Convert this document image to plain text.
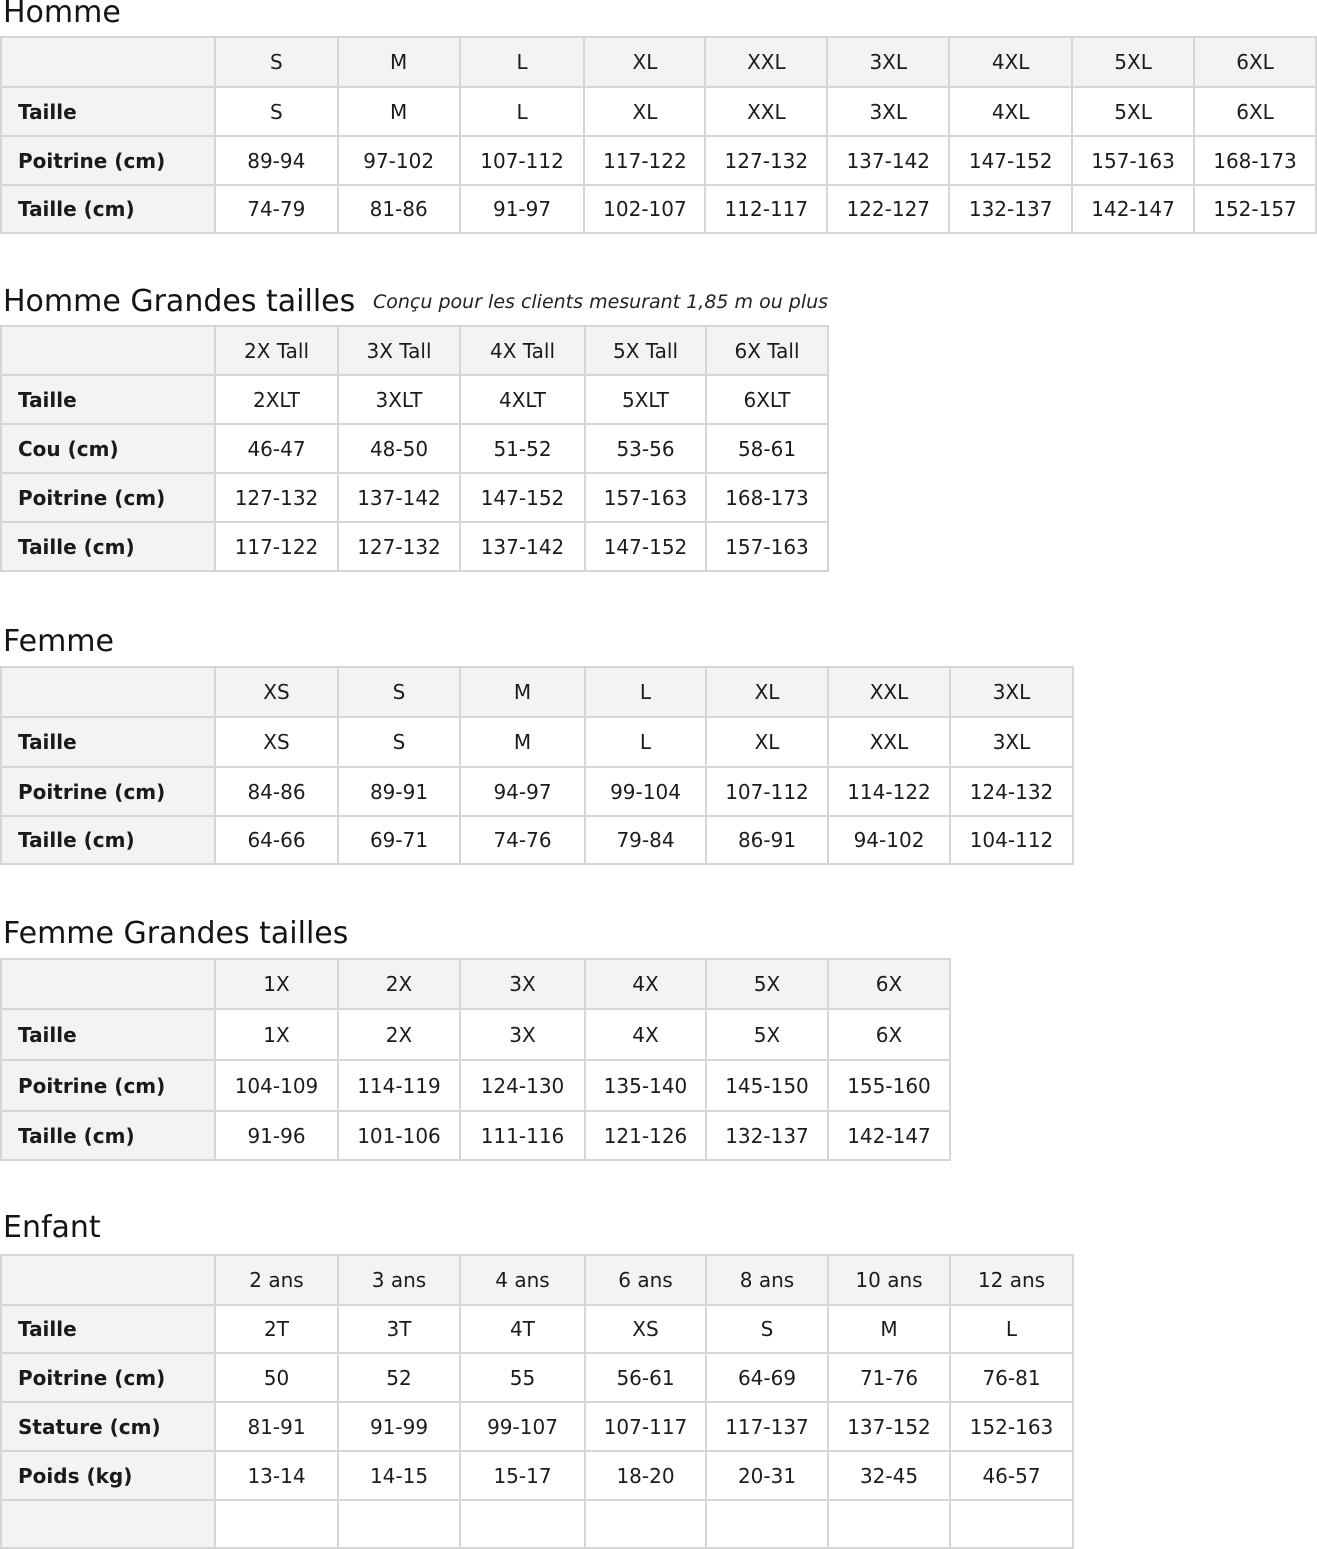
Homme
	S	M	L	XL	XXL	3XL	4XL	5XL	6XL
Taille	S	M	L	XL	XXL	3XL	4XL	5XL	6XL
Poitrine (cm)	89-94	97-102	107-112	117-122	127-132	137-142	147-152	157-163	168-173
Taille (cm)	74-79	81-86	91-97	102-107	112-117	122-127	132-137	142-147	152-157
Homme Grandes tailles Conçu pour les clients mesurant 1,85 m ou plus
	2X Tall	3X Tall	4X Tall	5X Tall	6X Tall
Taille	2XLT	3XLT	4XLT	5XLT	6XLT
Cou (cm)	46-47	48-50	51-52	53-56	58-61
Poitrine (cm)	127-132	137-142	147-152	157-163	168-173
Taille (cm)	117-122	127-132	137-142	147-152	157-163
Femme
	XS	S	M	L	XL	XXL	3XL
Taille	XS	S	M	L	XL	XXL	3XL
Poitrine (cm)	84-86	89-91	94-97	99-104	107-112	114-122	124-132
Taille (cm)	64-66	69-71	74-76	79-84	86-91	94-102	104-112
Femme Grandes tailles
	1X	2X	3X	4X	5X	6X
Taille	1X	2X	3X	4X	5X	6X
Poitrine (cm)	104-109	114-119	124-130	135-140	145-150	155-160
Taille (cm)	91-96	101-106	111-116	121-126	132-137	142-147
Enfant
	2 ans	3 ans	4 ans	6 ans	8 ans	10 ans	12 ans
Taille	2T	3T	4T	XS	S	M	L
Poitrine (cm)	50	52	55	56-61	64-69	71-76	76-81
Stature (cm)	81-91	91-99	99-107	107-117	117-137	137-152	152-163
Poids (kg)	13-14	14-15	15-17	18-20	20-31	32-45	46-57
